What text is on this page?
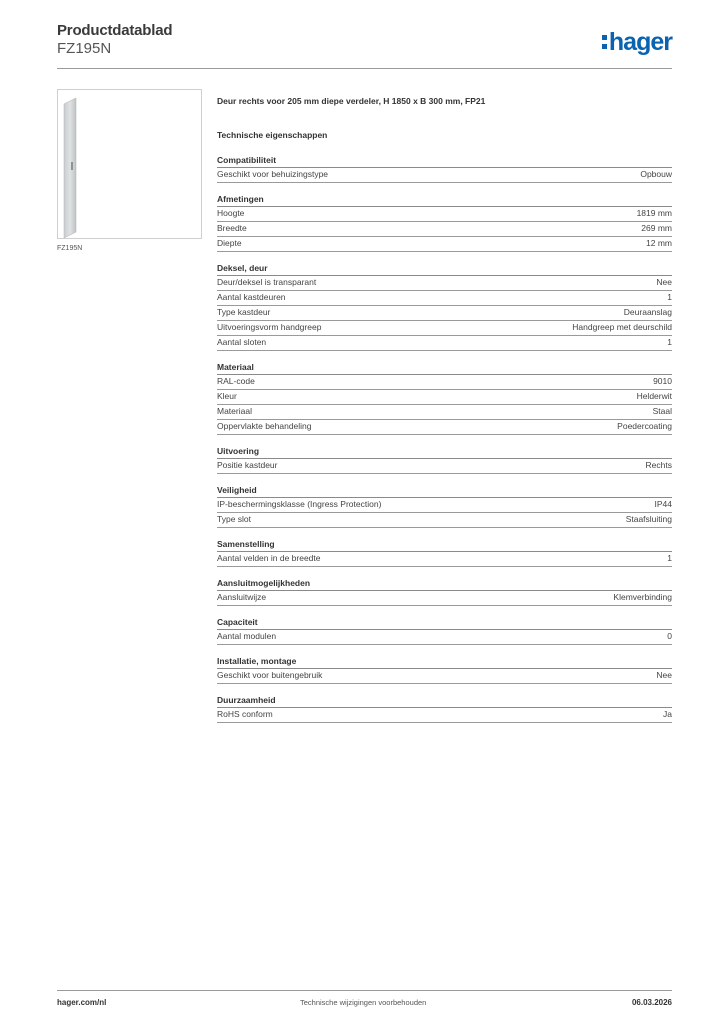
Productdatablad
FZ195N	hager
FZ195N
Deur rechts voor 205 mm diepe verdeler, H 1850 x B 300 mm, FP21
Technische eigenschappen
Compatibiliteit
Geschikt voor behuizingstype	Opbouw
Afmetingen
Hoogte	1819 mm
Breedte	269 mm
Diepte	12 mm
Deksel, deur
Deur/deksel is transparant	Nee
Aantal kastdeuren	1
Type kastdeur	Deuraanslag
Uitvoeringsvorm handgreep	Handgreep met deurschild
Aantal sloten	1
Materiaal
RAL-code	9010
Kleur	Helderwit
Materiaal	Staal
Oppervlakte behandeling	Poedercoating
Uitvoering
Positie kastdeur	Rechts
Veiligheid
IP-beschermingsklasse (Ingress Protection)	IP44
Type slot	Staafsluiting
Samenstelling
Aantal velden in de breedte	1
Aansluitmogelijkheden
Aansluitwijze	Klemverbinding
Capaciteit
Aantal modulen	0
Installatie, montage
Geschikt voor buitengebruik	Nee
Duurzaamheid
RoHS conform	Ja
hager.com/nl	Technische wijzigingen voorbehouden	06.03.2026
